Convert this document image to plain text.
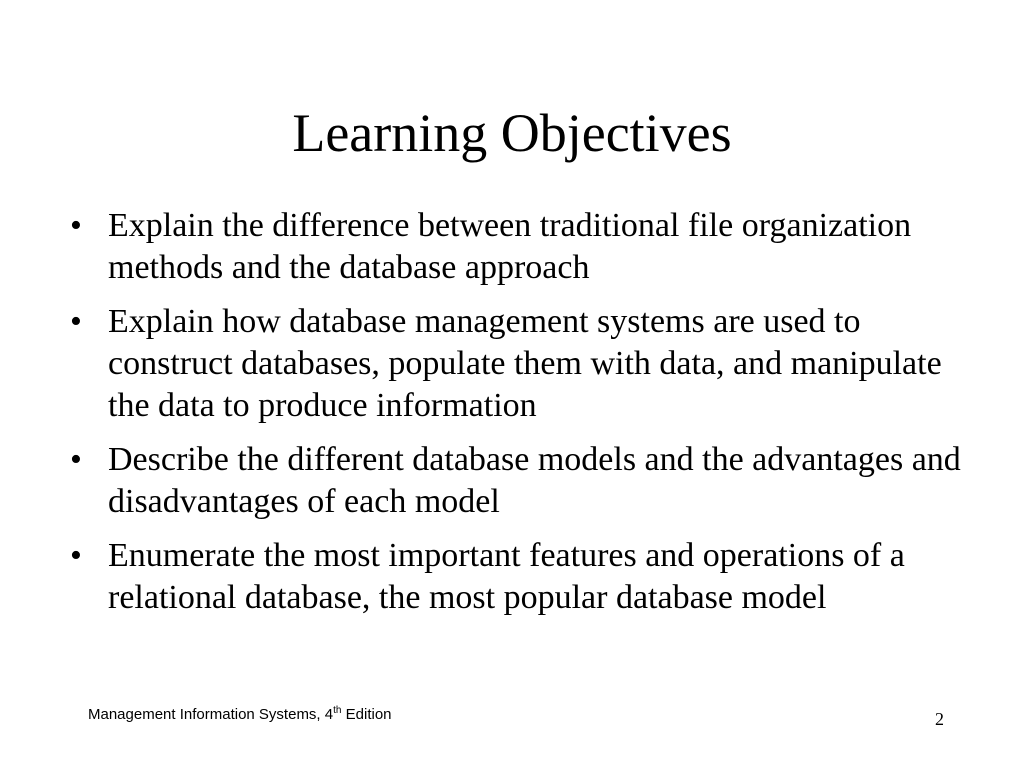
Learning Objectives
• Explain the difference between traditional file organization methods and the database approach
• Explain how database management systems are used to construct databases, populate them with data, and manipulate the data to produce information
• Describe the different database models and the advantages and disadvantages of each model
• Enumerate the most important features and operations of a relational database, the most popular database model
Management Information Systems, 4th Edition	2
